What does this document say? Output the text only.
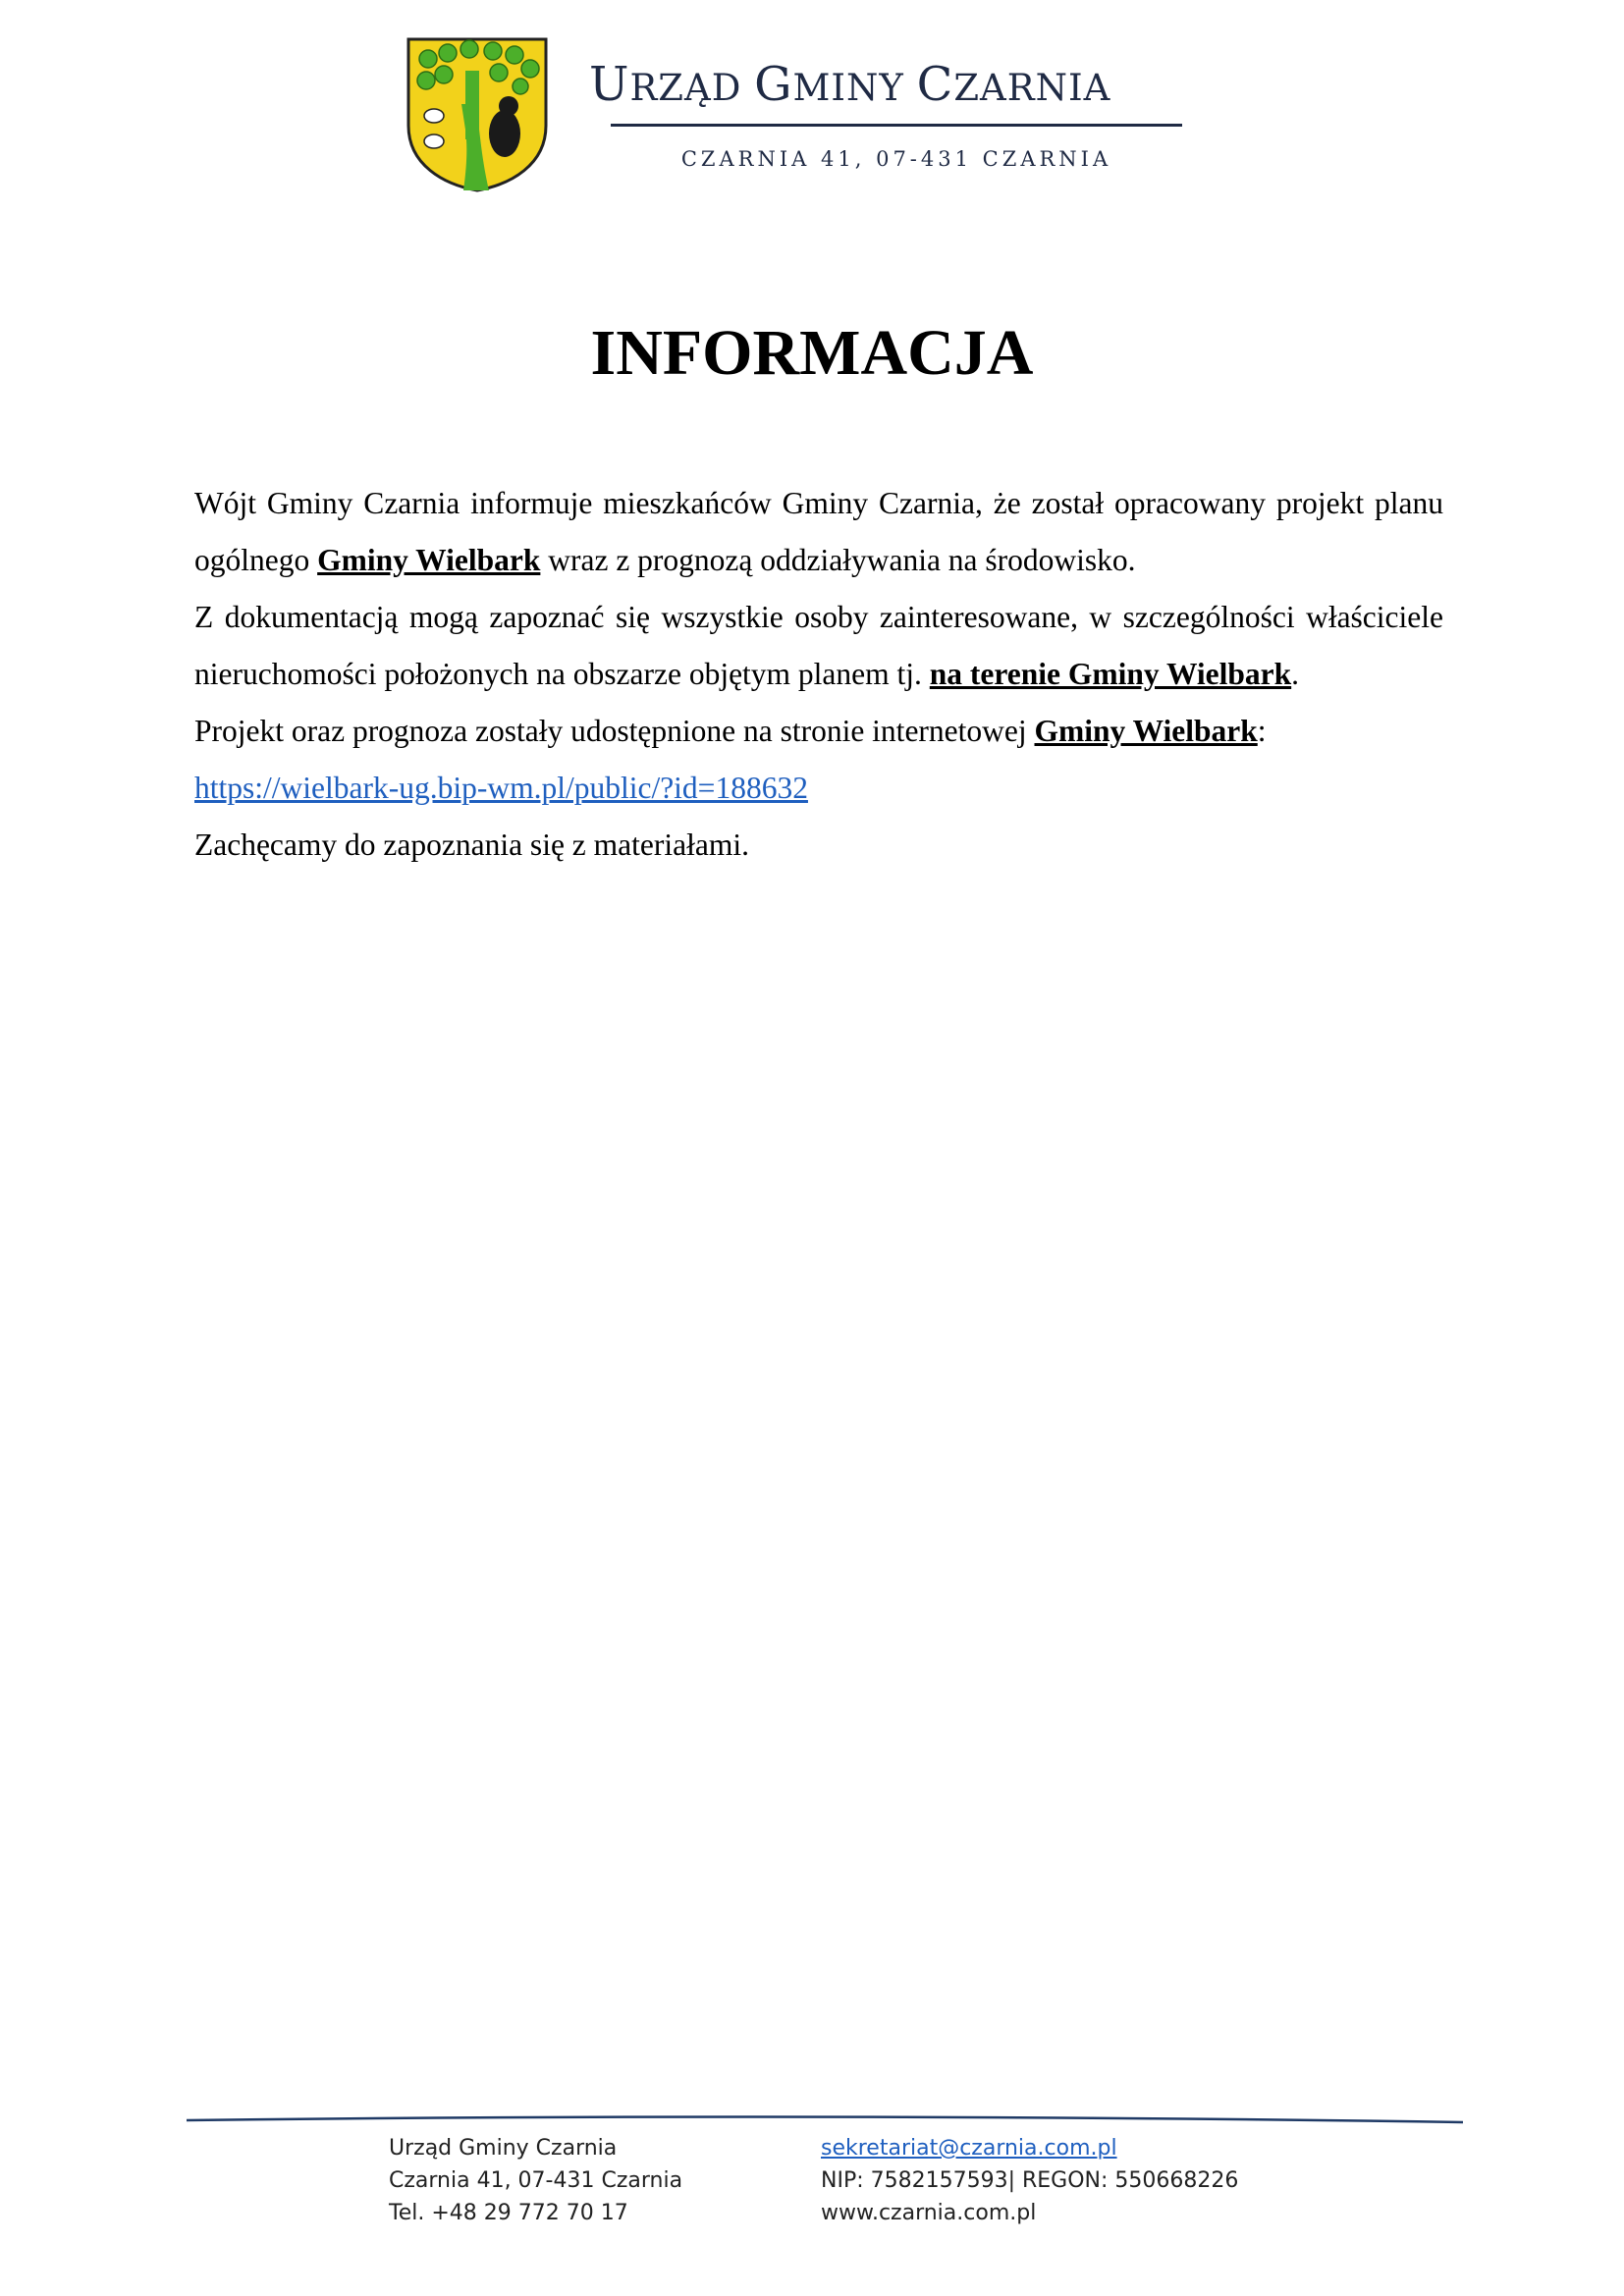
URZĄD GMINY CZARNIA
CZARNIA 41, 07-431 CZARNIA
INFORMACJA

Wójt Gminy Czarnia informuje mieszkańców Gminy Czarnia, że został opracowany projekt planu ogólnego Gminy Wielbark wraz z prognozą oddziaływania na środowisko.

Z dokumentacją mogą zapoznać się wszystkie osoby zainteresowane, w szczególności właściciele nieruchomości położonych na obszarze objętym planem tj. na terenie Gminy Wielbark.

Projekt oraz prognoza zostały udostępnione na stronie internetowej Gminy Wielbark:
https://wielbark-ug.bip-wm.pl/public/?id=188632

Zachęcamy do zapoznania się z materiałami.

Urząd Gminy Czarnia
Czarnia 41, 07-431 Czarnia
Tel. +48 29 772 70 17
sekretariat@czarnia.com.pl
NIP: 7582157593| REGON: 550668226
www.czarnia.com.pl
